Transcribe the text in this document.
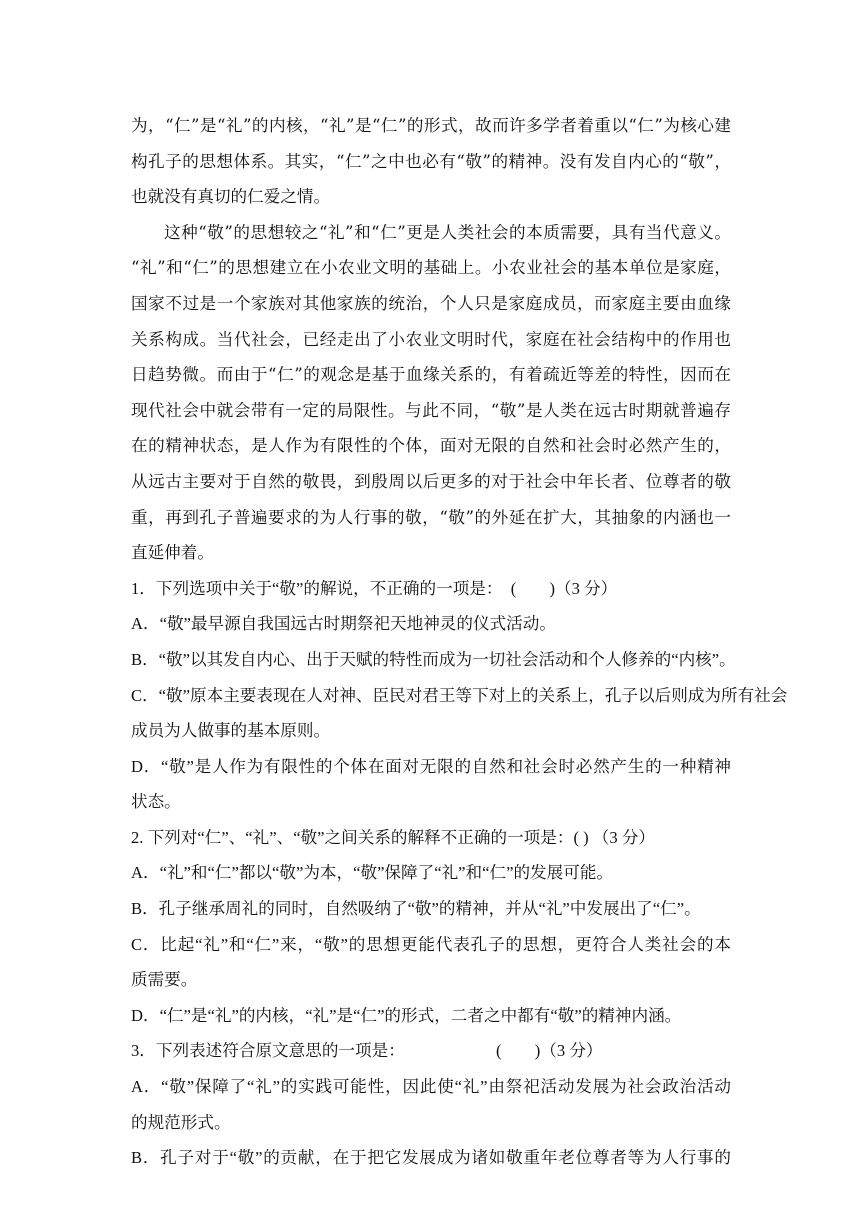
为，“仁”是“礼”的内核，“礼”是“仁”的形式，故而许多学者着重以“仁”为核心建
构孔子的思想体系。其实，“仁”之中也必有“敬”的精神。没有发自内心的“敬”，
也就没有真切的仁爱之情。
这种“敬”的思想较之“礼”和“仁”更是人类社会的本质需要，具有当代意义。
“礼”和“仁”的思想建立在小农业文明的基础上。小农业社会的基本单位是家庭，
国家不过是一个家族对其他家族的统治，个人只是家庭成员，而家庭主要由血缘
关系构成。当代社会，已经走出了小农业文明时代，家庭在社会结构中的作用也
日趋势微。而由于“仁”的观念是基于血缘关系的，有着疏近等差的特性，因而在
现代社会中就会带有一定的局限性。与此不同，“敬”是人类在远古时期就普遍存
在的精神状态，是人作为有限性的个体，面对无限的自然和社会时必然产生的，
从远古主要对于自然的敬畏，到殷周以后更多的对于社会中年长者、位尊者的敬
重，再到孔子普遍要求的为人行事的敬，“敬”的外延在扩大，其抽象的内涵也一
直延伸着。
1．下列选项中关于“敬”的解说，不正确的一项是：　(　　)（3 分）
A．“敬”最早源自我国远古时期祭祀天地神灵的仪式活动。
B．“敬”以其发自内心、出于天赋的特性而成为一切社会活动和个人修养的“内核”。
C．“敬”原本主要表现在人对神、臣民对君王等下对上的关系上，孔子以后则成为所有社会
成员为人做事的基本原则。
D．“敬”是人作为有限性的个体在面对无限的自然和社会时必然产生的一种精神
状态。
2. 下列对“仁”、“礼”、“敬”之间关系的解释不正确的一项是：( ) （3 分）
A．“礼”和“仁”都以“敬”为本，“敬”保障了“礼”和“仁”的发展可能。
B．孔子继承周礼的同时，自然吸纳了“敬”的精神，并从“礼”中发展出了“仁”。
C．比起“礼”和“仁”来，“敬”的思想更能代表孔子的思想，更符合人类社会的本
质需要。
D．“仁”是“礼”的内核，“礼”是“仁”的形式，二者之中都有“敬”的精神内涵。
3．下列表述符合原文意思的一项是：　　　　　　(　　)（3 分）
A．“敬”保障了“礼”的实践可能性，因此使“礼”由祭祀活动发展为社会政治活动
的规范形式。
B．孔子对于“敬”的贡献，在于把它发展成为诸如敬重年老位尊者等为人行事的
